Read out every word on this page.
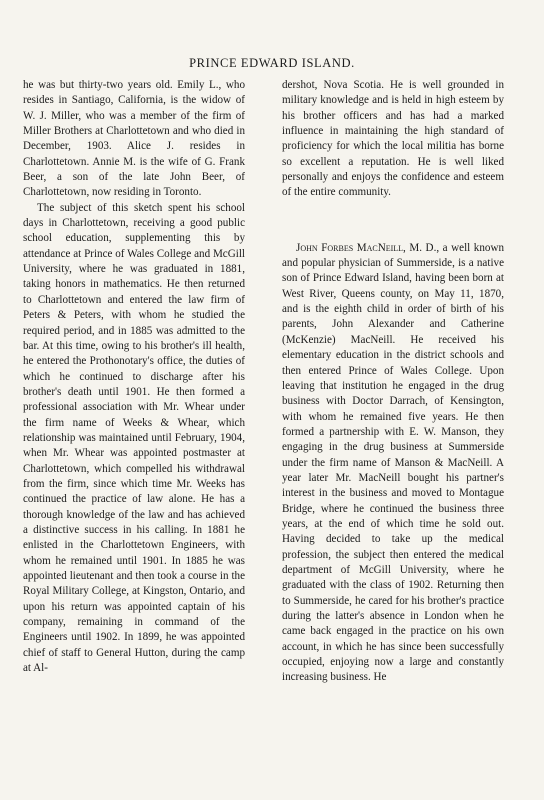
PRINCE EDWARD ISLAND.

he was but thirty-two years old. Emily L., who resides in Santiago, California, is the widow of W. J. Miller, who was a member of the firm of Miller Brothers at Charlottetown and who died in December, 1903. Alice J. resides in Charlottetown. Annie M. is the wife of G. Frank Beer, a son of the late John Beer, of Charlottetown, now residing in Toronto.

The subject of this sketch spent his school days in Charlottetown, receiving a good public school education, supplementing this by attendance at Prince of Wales College and McGill University, where he was graduated in 1881, taking honors in mathematics. He then returned to Charlottetown and entered the law firm of Peters & Peters, with whom he studied the required period, and in 1885 was admitted to the bar. At this time, owing to his brother's ill health, he entered the Prothonotary's office, the duties of which he continued to discharge after his brother's death until 1901. He then formed a professional association with Mr. Whear under the firm name of Weeks & Whear, which relationship was maintained until February, 1904, when Mr. Whear was appointed postmaster at Charlottetown, which compelled his withdrawal from the firm, since which time Mr. Weeks has continued the practice of law alone. He has a thorough knowledge of the law and has achieved a distinctive success in his calling. In 1881 he enlisted in the Charlottetown Engineers, with whom he remained until 1901. In 1885 he was appointed lieutenant and then took a course in the Royal Military College, at Kingston, Ontario, and upon his return was appointed captain of his company, remaining in command of the Engineers until 1902. In 1899, he was appointed chief of staff to General Hutton, during the camp at Al-

dershot, Nova Scotia. He is well grounded in military knowledge and is held in high esteem by his brother officers and has had a marked influence in maintaining the high standard of proficiency for which the local militia has borne so excellent a reputation. He is well liked personally and enjoys the confidence and esteem of the entire community.

John Forbes MacNeill, M. D., a well known and popular physician of Summerside, is a native son of Prince Edward Island, having been born at West River, Queens county, on May 11, 1870, and is the eighth child in order of birth of his parents, John Alexander and Catherine (McKenzie) MacNeill. He received his elementary education in the district schools and then entered Prince of Wales College. Upon leaving that institution he engaged in the drug business with Doctor Darrach, of Kensington, with whom he remained five years. He then formed a partnership with E. W. Manson, they engaging in the drug business at Summerside under the firm name of Manson & MacNeill. A year later Mr. MacNeill bought his partner's interest in the business and moved to Montague Bridge, where he continued the business three years, at the end of which time he sold out. Having decided to take up the medical profession, the subject then entered the medical department of McGill University, where he graduated with the class of 1902. Returning then to Summerside, he cared for his brother's practice during the latter's absence in London when he came back engaged in the practice on his own account, in which he has since been successfully occupied, enjoying now a large and constantly increasing business. He
